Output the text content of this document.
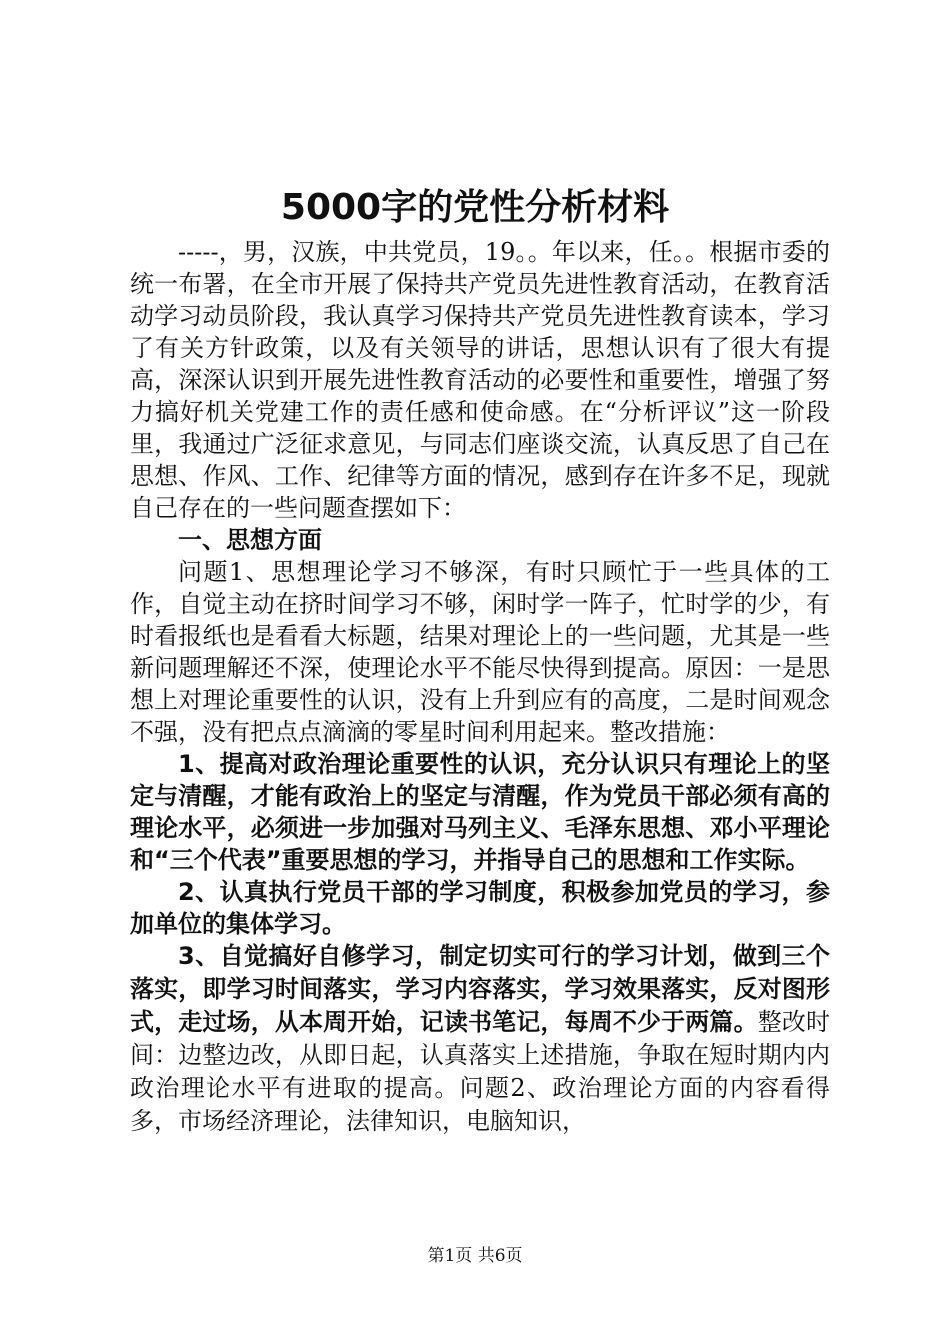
5000字的党性分析材料

-----，男，汉族，中共党员，19。。年以来，任。。根据市委的统一布署，在全市开展了保持共产党员先进性教育活动，在教育活动学习动员阶段，我认真学习保持共产党员先进性教育读本，学习了有关方针政策，以及有关领导的讲话，思想认识有了很大有提高，深深认识到开展先进性教育活动的必要性和重要性，增强了努力搞好机关党建工作的责任感和使命感。在“分析评议”这一阶段里，我通过广泛征求意见，与同志们座谈交流，认真反思了自己在思想、作风、工作、纪律等方面的情况，感到存在许多不足，现就自己存在的一些问题查摆如下：

一、思想方面

问题1、思想理论学习不够深，有时只顾忙于一些具体的工作，自觉主动在挤时间学习不够，闲时学一阵子，忙时学的少，有时看报纸也是看看大标题，结果对理论上的一些问题，尤其是一些新问题理解还不深，使理论水平不能尽快得到提高。原因：一是思想上对理论重要性的认识，没有上升到应有的高度，二是时间观念不强，没有把点点滴滴的零星时间利用起来。整改措施：

1、提高对政治理论重要性的认识，充分认识只有理论上的坚定与清醒，才能有政治上的坚定与清醒，作为党员干部必须有高的理论水平，必须进一步加强对马列主义、毛泽东思想、邓小平理论和“三个代表”重要思想的学习，并指导自己的思想和工作实际。

2、认真执行党员干部的学习制度，积极参加党员的学习，参加单位的集体学习。

3、自觉搞好自修学习，制定切实可行的学习计划，做到三个落实，即学习时间落实，学习内容落实，学习效果落实，反对图形式，走过场，从本周开始，记读书笔记，每周不少于两篇。整改时间：边整边改，从即日起，认真落实上述措施，争取在短时期内内政治理论水平有进取的提高。问题2、政治理论方面的内容看得多，市场经济理论，法律知识，电脑知识，

第1页 共6页
